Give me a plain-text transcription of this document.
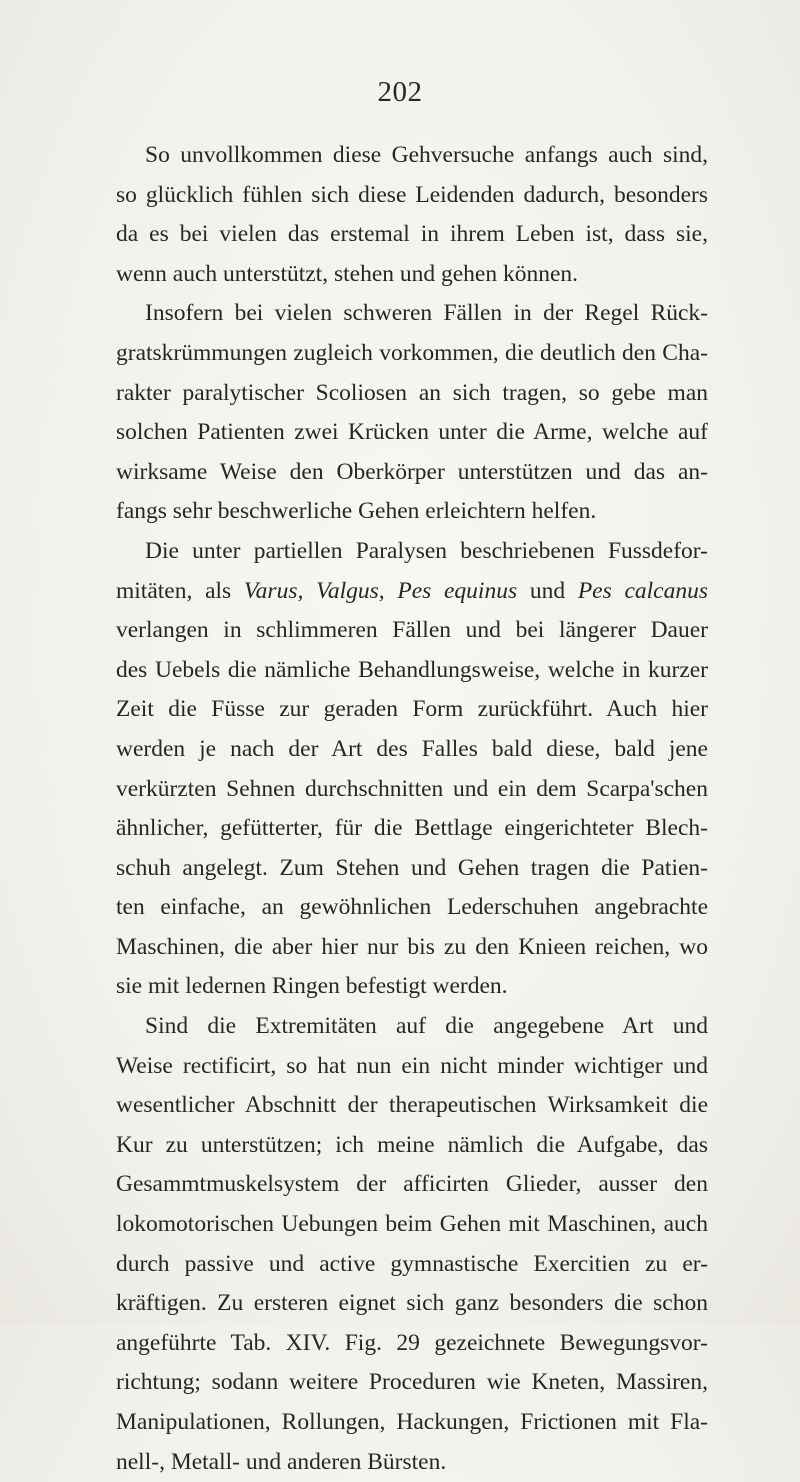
202
So unvollkommen diese Gehversuche anfangs auch sind,
so glücklich fühlen sich diese Leidenden dadurch, besonders
da es bei vielen das erstemal in ihrem Leben ist, dass sie,
wenn auch unterstützt, stehen und gehen können.
Insofern bei vielen schweren Fällen in der Regel Rück-
gratskrümmungen zugleich vorkommen, die deutlich den Cha-
rakter paralytischer Scoliosen an sich tragen, so gebe man
solchen Patienten zwei Krücken unter die Arme, welche auf
wirksame Weise den Oberkörper unterstützen und das an-
fangs sehr beschwerliche Gehen erleichtern helfen.
Die unter partiellen Paralysen beschriebenen Fussdefor-
mitäten, als Varus, Valgus, Pes equinus und Pes calcanus
verlangen in schlimmeren Fällen und bei längerer Dauer
des Uebels die nämliche Behandlungsweise, welche in kurzer
Zeit die Füsse zur geraden Form zurückführt. Auch hier
werden je nach der Art des Falles bald diese, bald jene
verkürzten Sehnen durchschnitten und ein dem Scarpa'schen
ähnlicher, gefütterter, für die Bettlage eingerichteter Blech-
schuh angelegt. Zum Stehen und Gehen tragen die Patien-
ten einfache, an gewöhnlichen Lederschuhen angebrachte
Maschinen, die aber hier nur bis zu den Knieen reichen, wo
sie mit ledernen Ringen befestigt werden.
Sind die Extremitäten auf die angegebene Art und
Weise rectificirt, so hat nun ein nicht minder wichtiger und
wesentlicher Abschnitt der therapeutischen Wirksamkeit die
Kur zu unterstützen; ich meine nämlich die Aufgabe, das
Gesammtmuskelsystem der afficirten Glieder, ausser den
lokomotorischen Uebungen beim Gehen mit Maschinen, auch
durch passive und active gymnastische Exercitien zu er-
kräftigen. Zu ersteren eignet sich ganz besonders die schon
angeführte Tab. XIV. Fig. 29 gezeichnete Bewegungsvor-
richtung; sodann weitere Proceduren wie Kneten, Massiren,
Manipulationen, Rollungen, Hackungen, Frictionen mit Fla-
nell-, Metall- und anderen Bürsten.
